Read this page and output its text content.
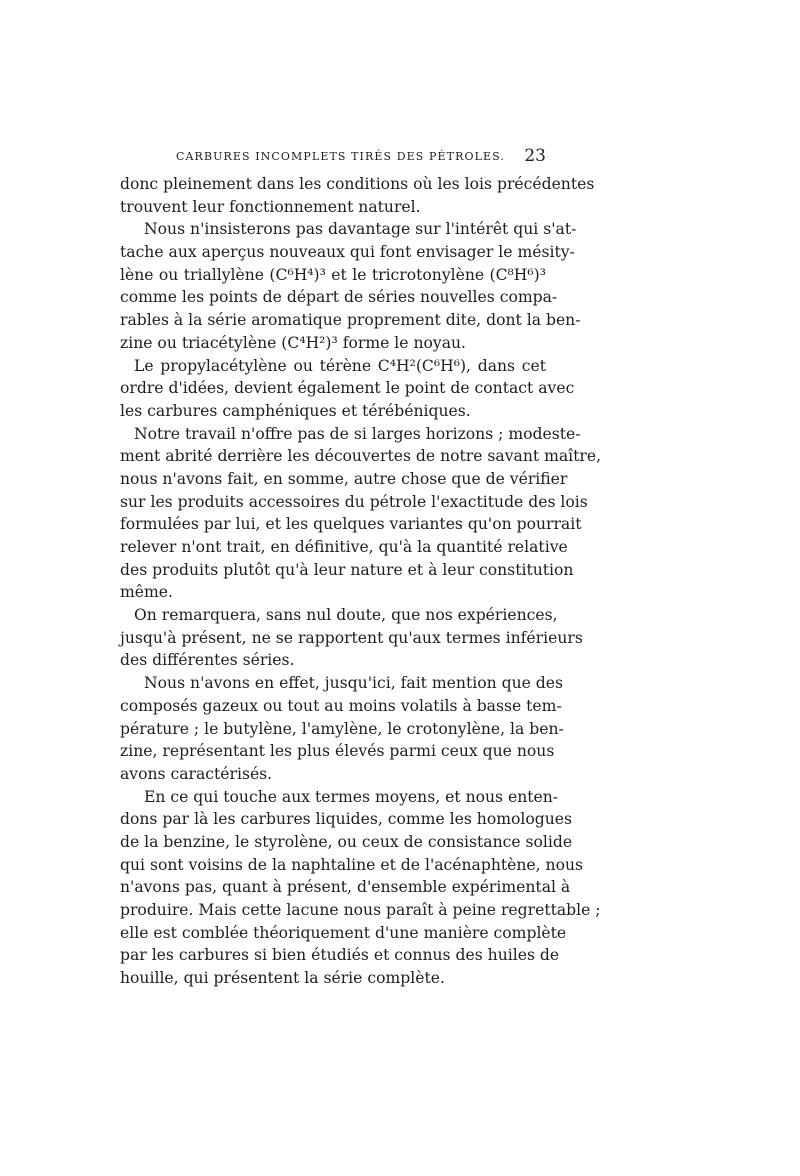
CARBURES INCOMPLETS TIRÉS DES PÉTROLES. 23
donc pleinement dans les conditions où les lois précédentes
trouvent leur fonctionnement naturel.
Nous n'insisterons pas davantage sur l'intérêt qui s'at-
tache aux aperçus nouveaux qui font envisager le mésity-
lène ou triallylène (C⁶H⁴)³ et le tricrotonylène (C⁸H⁶)³
comme les points de départ de séries nouvelles compa-
rables à la série aromatique proprement dite, dont la ben-
zine ou triacétylène (C⁴H²)³ forme le noyau.
Le propylacétylène ou térène C⁴H²(C⁶H⁶), dans cet
ordre d'idées, devient également le point de contact avec
les carbures camphéniques et térébéniques.
Notre travail n'offre pas de si larges horizons ; modeste-
ment abrité derrière les découvertes de notre savant maître,
nous n'avons fait, en somme, autre chose que de vérifier
sur les produits accessoires du pétrole l'exactitude des lois
formulées par lui, et les quelques variantes qu'on pourrait
relever n'ont trait, en définitive, qu'à la quantité relative
des produits plutôt qu'à leur nature et à leur constitution
même.
On remarquera, sans nul doute, que nos expériences,
jusqu'à présent, ne se rapportent qu'aux termes inférieurs
des différentes séries.
Nous n'avons en effet, jusqu'ici, fait mention que des
composés gazeux ou tout au moins volatils à basse tem-
pérature ; le butylène, l'amylène, le crotonylène, la ben-
zine, représentant les plus élevés parmi ceux que nous
avons caractérisés.
En ce qui touche aux termes moyens, et nous enten-
dons par là les carbures liquides, comme les homologues
de la benzine, le styrolène, ou ceux de consistance solide
qui sont voisins de la naphtaline et de l'acénaphtène, nous
n'avons pas, quant à présent, d'ensemble expérimental à
produire. Mais cette lacune nous paraît à peine regrettable ;
elle est comblée théoriquement d'une manière complète
par les carbures si bien étudiés et connus des huiles de
houille, qui présentent la série complète.
